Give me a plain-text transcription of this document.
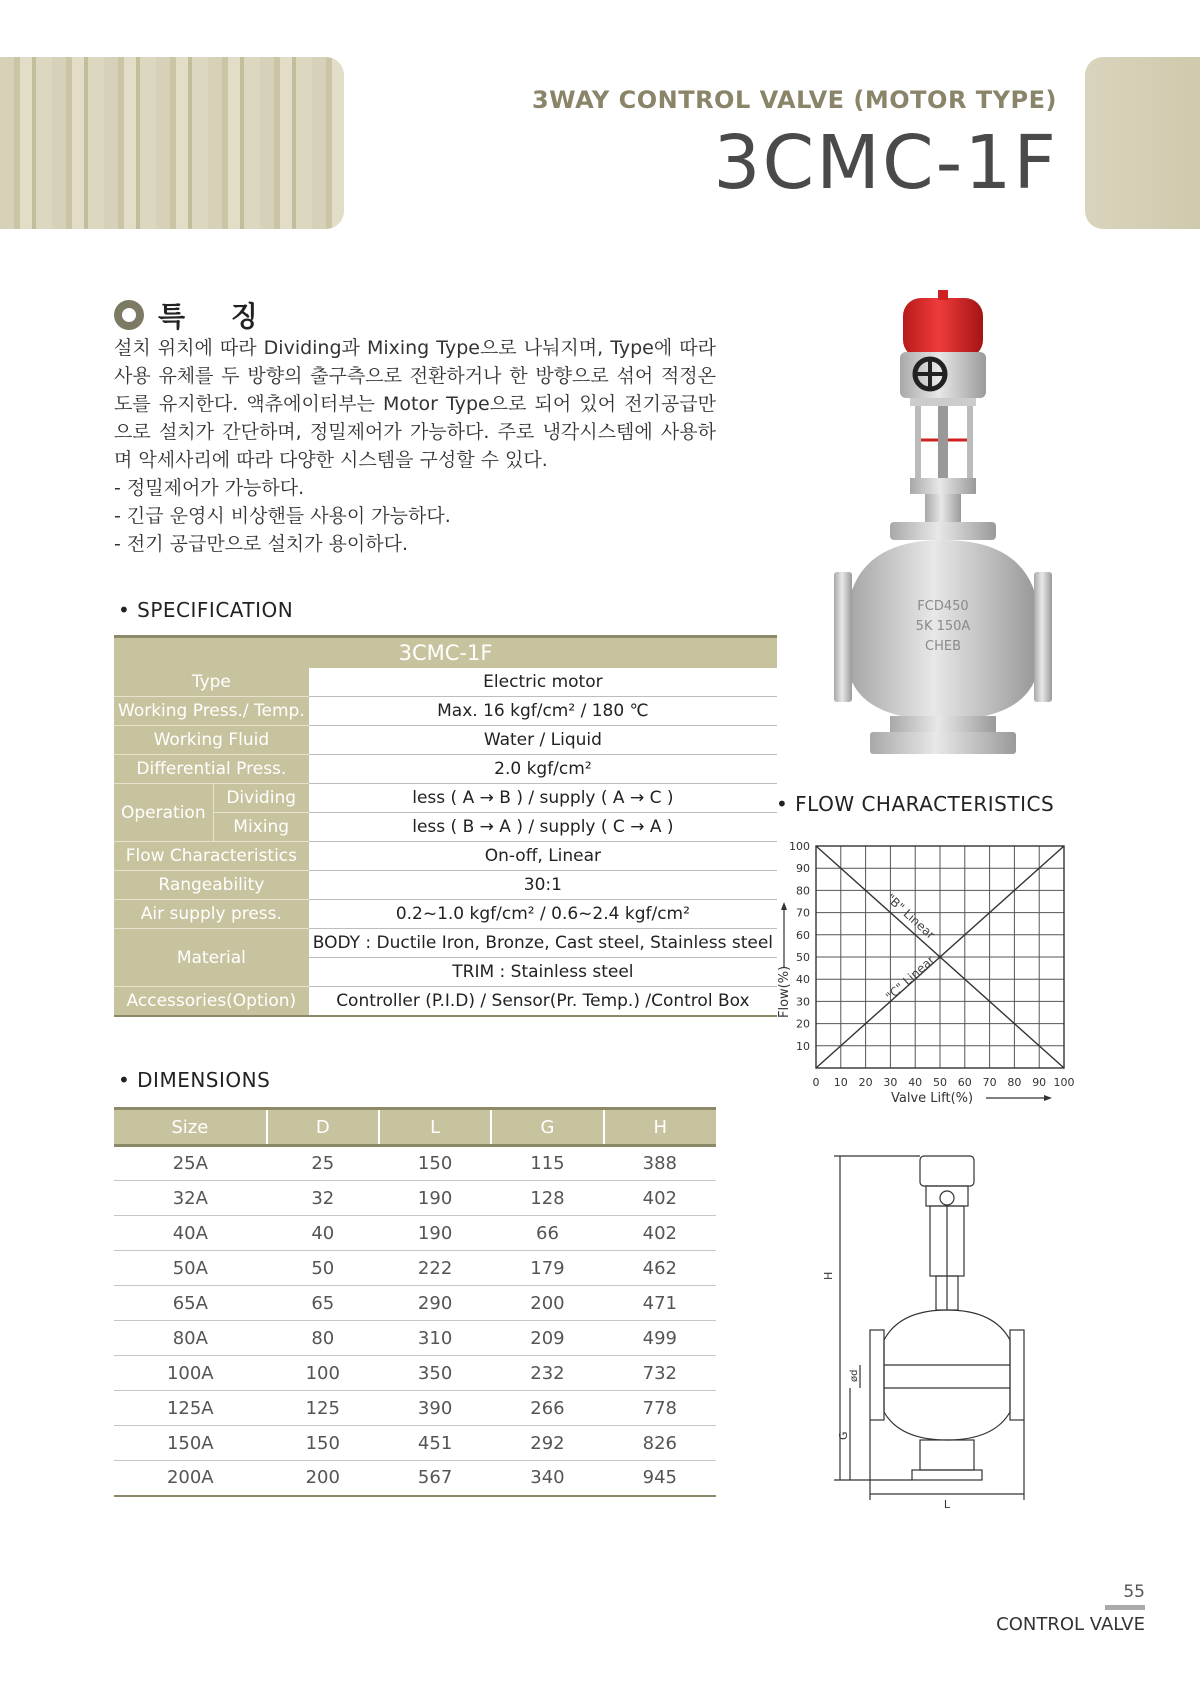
3WAY CONTROL VALVE (MOTOR TYPE)
3CMC-1F
특 징

설치 위치에 따라 Dividing과 Mixing Type으로 나눠지며, Type에 따라 사용 유체를 두 방향의 출구측으로 전환하거나 한 방향으로 섞어 적정온도를 유지한다. 액츄에이터부는 Motor Type으로 되어 있어 전기공급만으로 설치가 간단하며, 정밀제어가 가능하다. 주로 냉각시스템에 사용하며 악세사리에 따라 다양한 시스템을 구성할 수 있다.

- 정밀제어가 가능하다.
- 긴급 운영시 비상핸들 사용이 가능하다.
- 전기 공급만으로 설치가 용이하다.
• SPECIFICATION
3CMC-1F		
Type		Electric motor
Working Press./ Temp.		Max. 16 kgf/cm² / 180 ℃
Working Fluid		Water / Liquid
Differential Press.		2.0 kgf/cm²
Operation	Dividing	less ( A → B ) / supply ( A → C )
	Mixing	less ( B → A ) / supply ( C → A )
Flow Characteristics		On-off, Linear
Rangeability		30:1
Air supply press.		0.2~1.0 kgf/cm² / 0.6~2.4 kgf/cm²
Material		BODY : Ductile Iron, Bronze, Cast steel, Stainless steel
		TRIM : Stainless steel
Accessories(Option)		Controller (P.I.D) / Sensor(Pr. Temp.) /Control Box
• DIMENSIONS
Size	D	L	G	H
25A	25	150	115	388
32A	32	190	128	402
40A	40	190	66	402
50A	50	222	179	462
65A	65	290	200	471
80A	80	310	209	499
100A	100	350	232	732
125A	125	390	266	778
150A	150	451	292	826
200A	200	567	340	945
FCD450
5K 150A
CHEB
• FLOW CHARACTERISTICS
"B" Linear
"C" Linear
0 10 20 30 40 50 60 70 80 90 100
10
20
30
40
50
60
70
80
90
100
Valve Lift(%)
Flow(%)
H
ød
G
L
55
CONTROL VALVE
